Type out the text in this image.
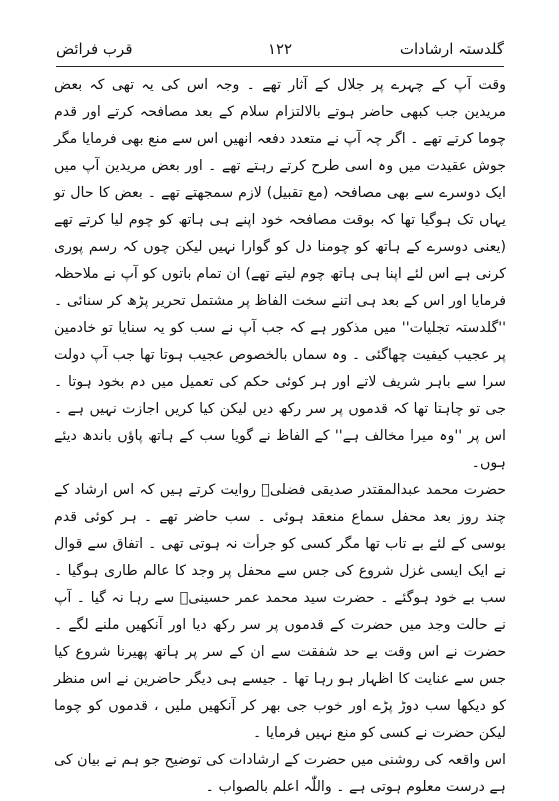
گلدستہ ارشادات
۱۲۲
قرب فرائض

وقت آپ کے چہرے پر جلال کے آثار تھے ۔ وجہ اس کی یہ تھی کہ بعض مریدین جب کبھی حاضر ہوتے بالالتزام سلام کے بعد مصافحہ کرتے اور قدم چوما کرتے تھے ۔ اگر چہ آپ نے متعدد دفعہ انھیں اس سے منع بھی فرمایا مگر جوش عقیدت میں وہ اسی طرح کرتے رہتے تھے ۔ اور بعض مریدین آپ میں ایک دوسرے سے بھی مصافحہ (مع تقبیل) لازم سمجھتے تھے ۔ بعض کا حال تو یہاں تک ہوگیا تھا کہ بوقت مصافحہ خود اپنے ہی ہاتھ کو چوم لیا کرتے تھے (یعنی دوسرے کے ہاتھ کو چومنا دل کو گوارا نہیں لیکن چوں کہ رسم پوری کرنی ہے اس لئے اپنا ہی ہاتھ چوم لیتے تھے) ان تمام باتوں کو آپ نے ملاحظہ فرمایا اور اس کے بعد ہی اتنے سخت الفاظ پر مشتمل تحریر پڑھ کر سنائی ۔

''گلدستہ تجلیات'' میں مذکور ہے کہ جب آپ نے سب کو یہ سنایا تو خادمین پر عجیب کیفیت چھاگئی ۔ وہ سماں بالخصوص عجیب ہوتا تھا جب آپ دولت سرا سے باہر شریف لاتے اور ہر کوئی حکم کی تعمیل میں دم بخود ہوتا ۔ جی تو چاہتا تھا کہ قدموں پر سر رکھ دیں لیکن کیا کریں اجازت نہیں ہے ۔ اس پر ''وہ میرا مخالف ہے'' کے الفاظ نے گویا سب کے ہاتھ پاؤں باندھ دیئے ہوں۔

حضرت محمد عبدالمقتدر صدیقی فضلیؔ روایت کرتے ہیں کہ اس ارشاد کے چند روز بعد محفل سماع منعقد ہوئی ۔ سب حاضر تھے ۔ ہر کوئی قدم بوسی کے لئے بے تاب تھا مگر کسی کو جرأت نہ ہوتی تھی ۔ اتفاق سے قوال نے ایک ایسی غزل شروع کی جس سے محفل پر وجد کا عالم طاری ہوگیا ۔ سب بے خود ہوگئے ۔ حضرت سید محمد عمر حسینیؔ سے رہا نہ گیا ۔ آپ نے حالت وجد میں حضرت کے قدموں پر سر رکھ دیا اور آنکھیں ملنے لگے ۔ حضرت نے اس وقت بے حد شفقت سے ان کے سر پر ہاتھ پھیرنا شروع کیا جس سے عنایت کا اظہار ہو رہا تھا ۔ جیسے ہی دیگر حاضرین نے اس منظر کو دیکھا سب دوڑ پڑے اور خوب جی بھر کر آنکھیں ملیں ، قدموں کو چوما لیکن حضرت نے کسی کو منع نہیں فرمایا ۔

اس واقعہ کی روشنی میں حضرت کے ارشادات کی توضیح جو ہم نے بیان کی ہے درست معلوم ہوتی ہے ۔ واللّٰہ اعلم بالصواب ۔
